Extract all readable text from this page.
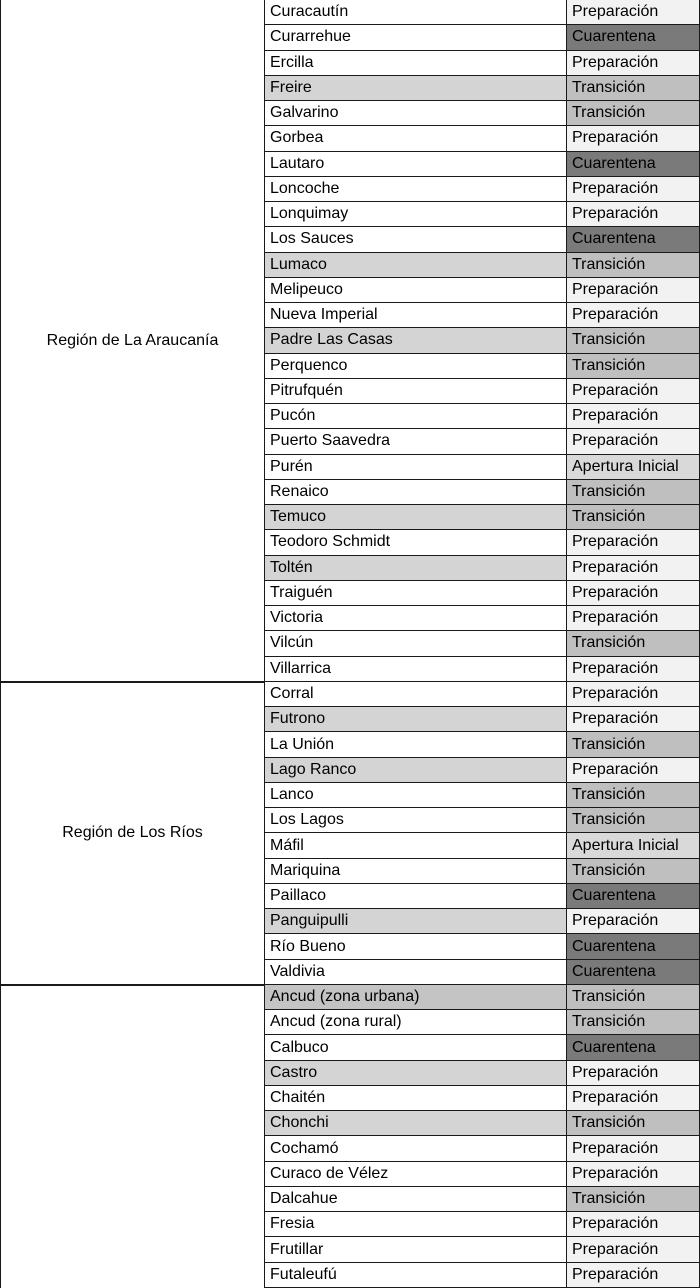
Región de La Araucanía
Curacautín	Preparación
Curarrehue	Cuarentena
Ercilla	Preparación
Freire	Transición
Galvarino	Transición
Gorbea	Preparación
Lautaro	Cuarentena
Loncoche	Preparación
Lonquimay	Preparación
Los Sauces	Cuarentena
Lumaco	Transición
Melipeuco	Preparación
Nueva Imperial	Preparación
Padre Las Casas	Transición
Perquenco	Transición
Pitrufquén	Preparación
Pucón	Preparación
Puerto Saavedra	Preparación
Purén	Apertura Inicial
Renaico	Transición
Temuco	Transición
Teodoro Schmidt	Preparación
Toltén	Preparación
Traiguén	Preparación
Victoria	Preparación
Vilcún	Transición
Villarrica	Preparación
Región de Los Ríos
Corral	Preparación
Futrono	Preparación
La Unión	Transición
Lago Ranco	Preparación
Lanco	Transición
Los Lagos	Transición
Máfil	Apertura Inicial
Mariquina	Transición
Paillaco	Cuarentena
Panguipulli	Preparación
Río Bueno	Cuarentena
Valdivia	Cuarentena
Ancud (zona urbana)	Transición
Ancud (zona rural)	Transición
Calbuco	Cuarentena
Castro	Preparación
Chaitén	Preparación
Chonchi	Transición
Cochamó	Preparación
Curaco de Vélez	Preparación
Dalcahue	Transición
Fresia	Preparación
Frutillar	Preparación
Futaleufú	Preparación
